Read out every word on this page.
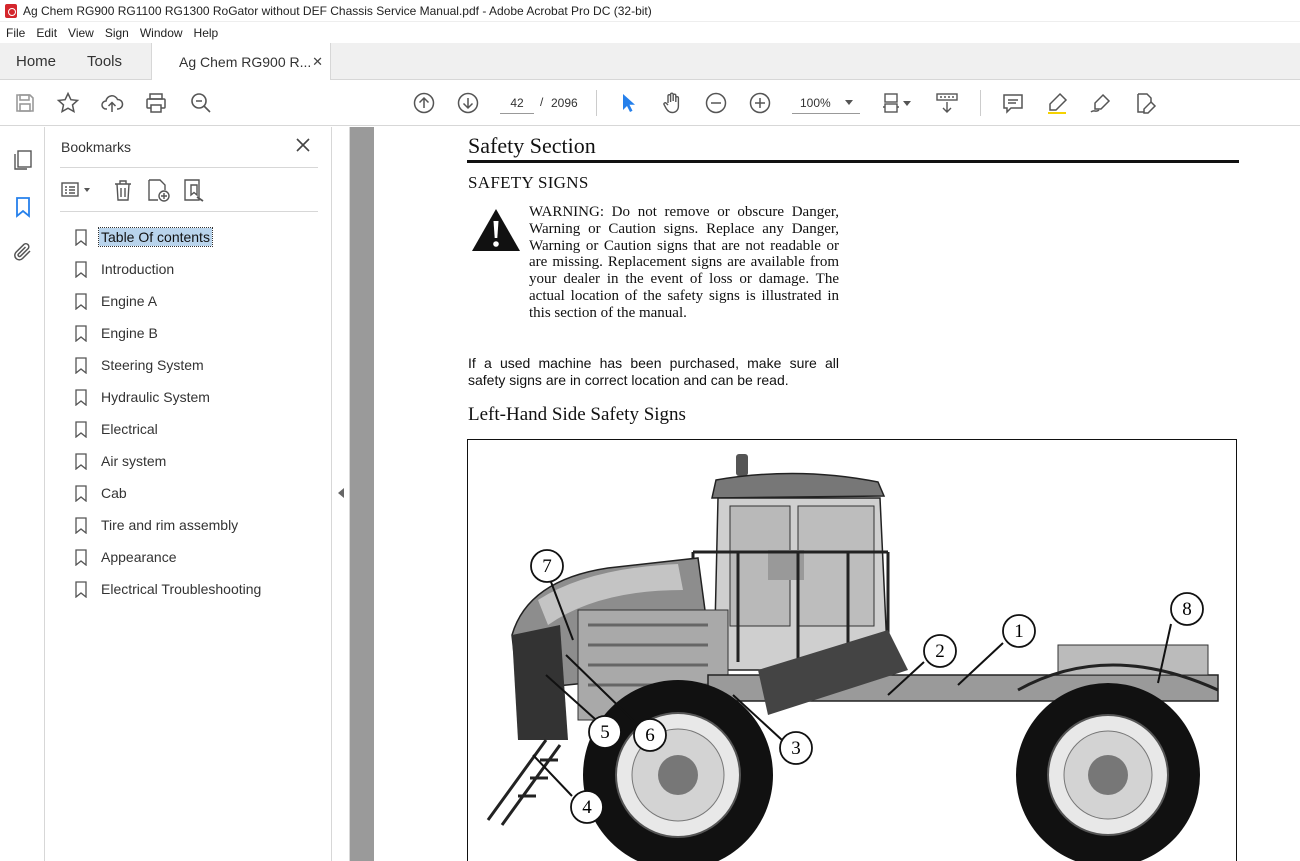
Ag Chem RG900 RG1100 RG1300 RoGator without DEF Chassis Service Manual.pdf - Adobe Acrobat Pro DC (32-bit)
File Edit View Sign Window Help
Home	Tools	Ag Chem RG900 R... ✕
42
/ 2096	100%
Bookmarks
Table Of contents
Introduction
Engine A
Engine B
Steering System
Hydraulic System
Electrical
Air system
Cab
Tire and rim assembly
Appearance
Electrical Troubleshooting
Safety Section
SAFETY SIGNS
WARNING: Do not remove or obscure Danger, Warning or Caution signs. Replace any Danger, Warning or Caution signs that are not readable or are missing. Replacement signs are available from your dealer in the event of loss or damage. The actual location of the safety signs is illustrated in this section of the manual.
If a used machine has been purchased, make sure all safety signs are in correct location and can be read.
Left-Hand Side Safety Signs
1
2
3
4
5 6
7
8
